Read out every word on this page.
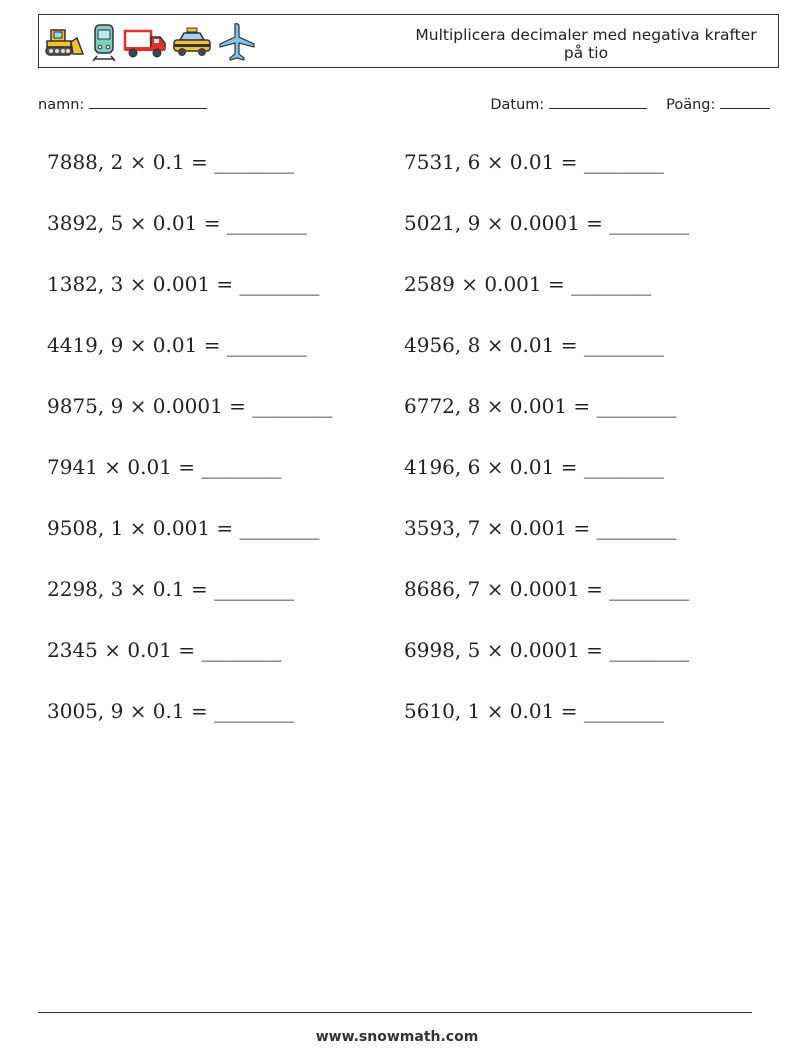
Multiplicera decimaler med negativa krafter på tio
namn:	Datum:	Poäng:
7888, 2 × 0.1 = ________
3892, 5 × 0.01 = ________
1382, 3 × 0.001 = ________
4419, 9 × 0.01 = ________
9875, 9 × 0.0001 = ________
7941 × 0.01 = ________
9508, 1 × 0.001 = ________
2298, 3 × 0.1 = ________
2345 × 0.01 = ________
3005, 9 × 0.1 = ________
7531, 6 × 0.01 = ________
5021, 9 × 0.0001 = ________
2589 × 0.001 = ________
4956, 8 × 0.01 = ________
6772, 8 × 0.001 = ________
4196, 6 × 0.01 = ________
3593, 7 × 0.001 = ________
8686, 7 × 0.0001 = ________
6998, 5 × 0.0001 = ________
5610, 1 × 0.01 = ________
www.snowmath.com
